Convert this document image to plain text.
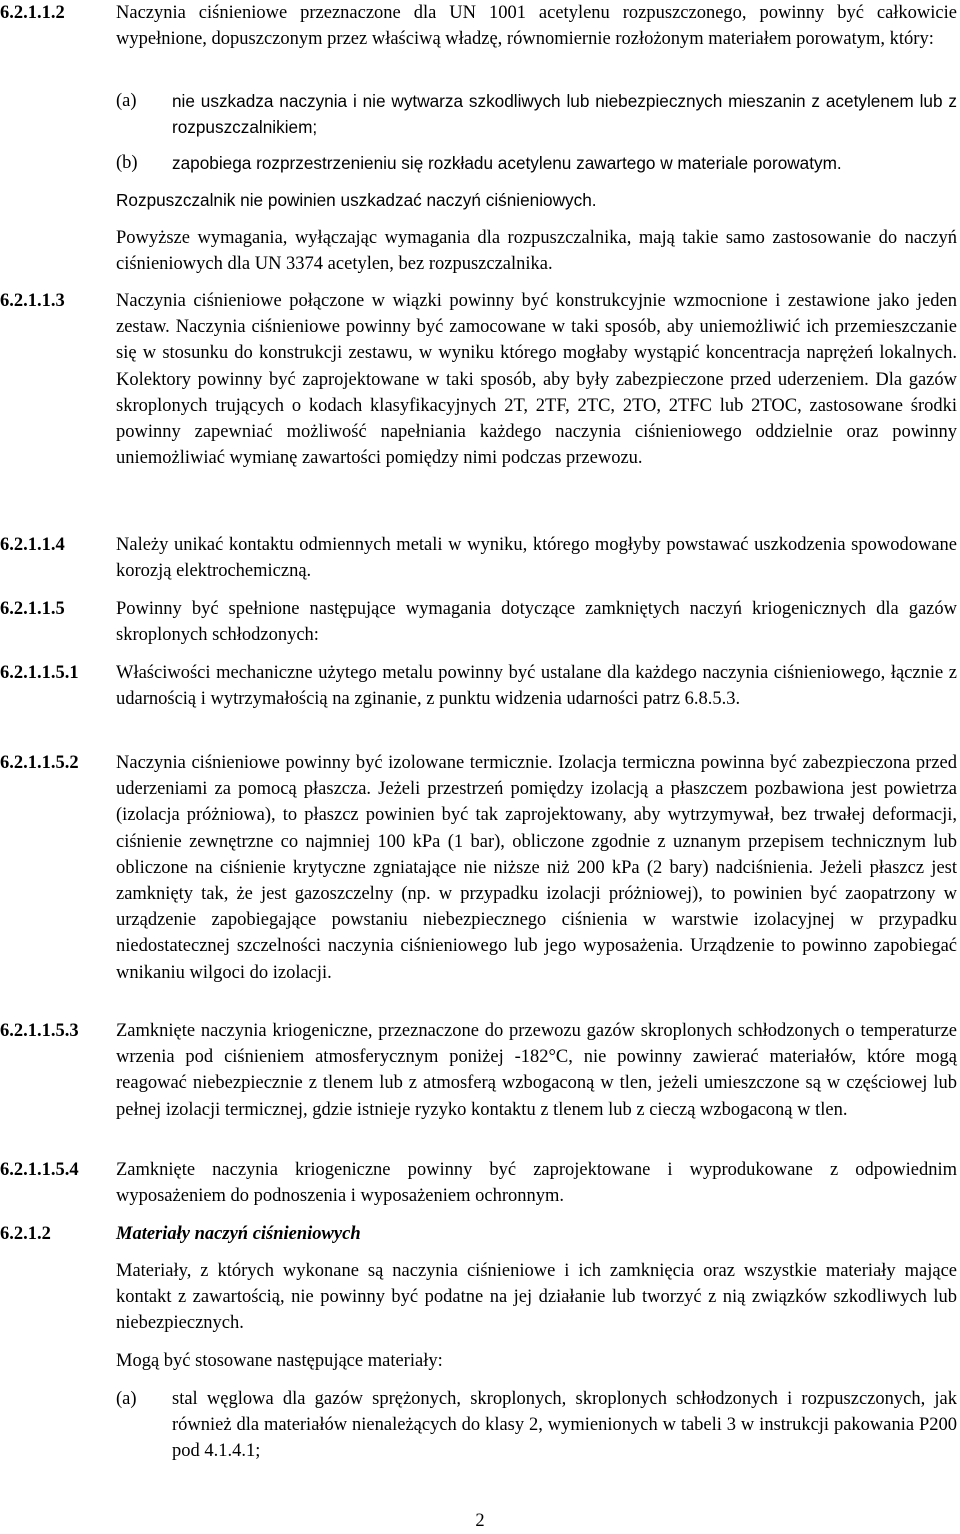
6.2.1.1.2	Naczynia ciśnieniowe przeznaczone dla UN 1001 acetylenu rozpuszczonego, powinny być całkowicie wypełnione, dopuszczonym przez właściwą władzę, równomiernie rozłożonym materiałem porowatym, który:
(a) nie uszkadza naczynia i nie wytwarza szkodliwych lub niebezpiecznych mieszanin z acetylenem lub z rozpuszczalnikiem;
(b) zapobiega rozprzestrzenieniu się rozkładu acetylenu zawartego w materiale porowatym.
Rozpuszczalnik nie powinien uszkadzać naczyń ciśnieniowych.
Powyższe wymagania, wyłączając wymagania dla rozpuszczalnika, mają takie samo zastosowanie do naczyń ciśnieniowych dla UN 3374 acetylen, bez rozpuszczalnika.
6.2.1.1.3	Naczynia ciśnieniowe połączone w wiązki powinny być konstrukcyjnie wzmocnione i zestawione jako jeden zestaw. Naczynia ciśnieniowe powinny być zamocowane w taki sposób, aby uniemożliwić ich przemieszczanie się w stosunku do konstrukcji zestawu, w wyniku którego mogłaby wystąpić koncentracja naprężeń lokalnych. Kolektory powinny być zaprojektowane w taki sposób, aby były zabezpieczone przed uderzeniem. Dla gazów skroplonych trujących o kodach klasyfikacyjnych 2T, 2TF, 2TC, 2TO, 2TFC lub 2TOC, zastosowane środki powinny zapewniać możliwość napełniania każdego naczynia ciśnieniowego oddzielnie oraz powinny uniemożliwiać wymianę zawartości pomiędzy nimi podczas przewozu.
6.2.1.1.4	Należy unikać kontaktu odmiennych metali w wyniku, którego mogłyby powstawać uszkodzenia spowodowane korozją elektrochemiczną.
6.2.1.1.5	Powinny być spełnione następujące wymagania dotyczące zamkniętych naczyń kriogenicznych dla gazów skroplonych schłodzonych:
6.2.1.1.5.1 Właściwości mechaniczne użytego metalu powinny być ustalane dla każdego naczynia ciśnieniowego, łącznie z udarnością i wytrzymałością na zginanie, z punktu widzenia udarności patrz 6.8.5.3.
6.2.1.1.5.2 Naczynia ciśnieniowe powinny być izolowane termicznie. Izolacja termiczna powinna być zabezpieczona przed uderzeniami za pomocą płaszcza. Jeżeli przestrzeń pomiędzy izolacją a płaszczem pozbawiona jest powietrza (izolacja próżniowa), to płaszcz powinien być tak zaprojektowany, aby wytrzymywał, bez trwałej deformacji, ciśnienie zewnętrzne co najmniej 100 kPa (1 bar), obliczone zgodnie z uznanym przepisem technicznym lub obliczone na ciśnienie krytyczne zgniatające nie niższe niż 200 kPa (2 bary) nadciśnienia. Jeżeli płaszcz jest zamknięty tak, że jest gazoszczelny (np. w przypadku izolacji próżniowej), to powinien być zaopatrzony w urządzenie zapobiegające powstaniu niebezpiecznego ciśnienia w warstwie izolacyjnej w przypadku niedostatecznej szczelności naczynia ciśnieniowego lub jego wyposażenia. Urządzenie to powinno zapobiegać wnikaniu wilgoci do izolacji.
6.2.1.1.5.3 Zamknięte naczynia kriogeniczne, przeznaczone do przewozu gazów skroplonych schłodzonych o temperaturze wrzenia pod ciśnieniem atmosferycznym poniżej -182°C, nie powinny zawierać materiałów, które mogą reagować niebezpiecznie z tlenem lub z atmosferą wzbogaconą w tlen, jeżeli umieszczone są w częściowej lub pełnej izolacji termicznej, gdzie istnieje ryzyko kontaktu z tlenem lub z cieczą wzbogaconą w tlen.
6.2.1.1.5.4 Zamknięte naczynia kriogeniczne powinny być zaprojektowane i wyprodukowane z odpowiednim wyposażeniem do podnoszenia i wyposażeniem ochronnym.
6.2.1.2	Materiały naczyń ciśnieniowych
Materiały, z których wykonane są naczynia ciśnieniowe i ich zamknięcia oraz wszystkie materiały mające kontakt z zawartością, nie powinny być podatne na jej działanie lub tworzyć z nią związków szkodliwych lub niebezpiecznych.
Mogą być stosowane następujące materiały:
(a) stal węglowa dla gazów sprężonych, skroplonych, skroplonych schłodzonych i rozpuszczonych, jak również dla materiałów nienależących do klasy 2, wymienionych w tabeli 3 w instrukcji pakowania P200 pod 4.1.4.1;
2
